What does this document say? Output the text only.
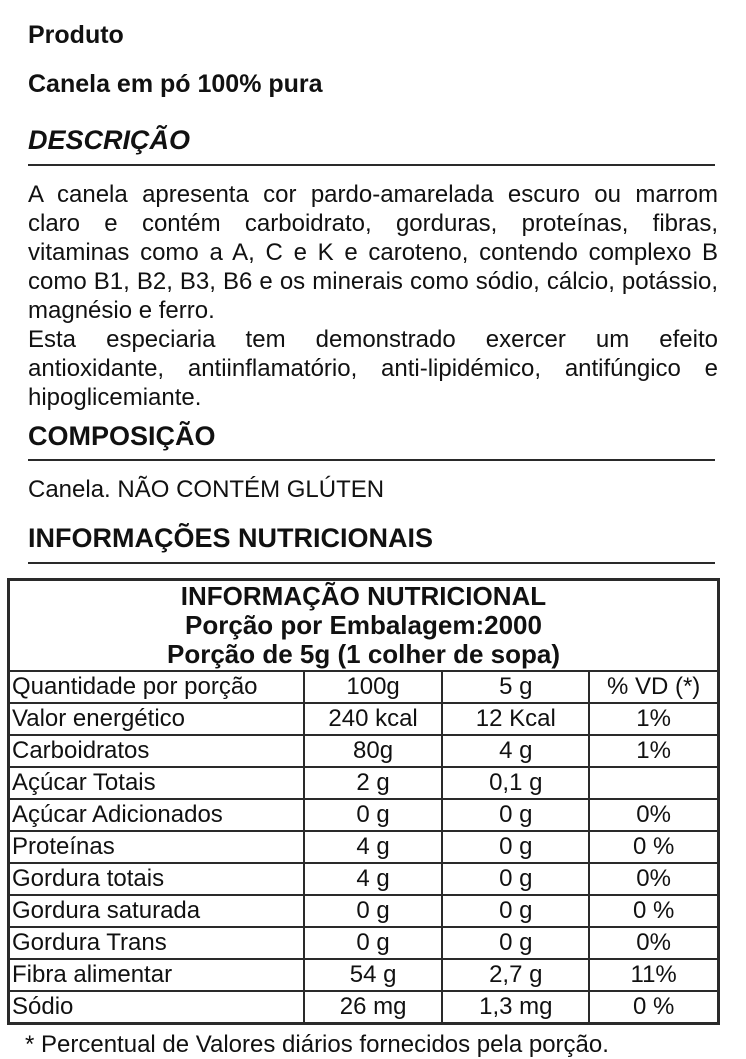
Produto
Canela em pó 100% pura
DESCRIÇÃO

A canela apresenta cor pardo-amarelada escuro ou marrom claro e contém carboidrato, gorduras, proteínas, fibras, vitaminas como a A, C e K e caroteno, contendo complexo B como B1, B2, B3, B6 e os minerais como sódio, cálcio, potássio, magnésio e ferro.

Esta especiaria tem demonstrado exercer um efeito antioxidante, antiinflamatório, anti-lipidémico, antifúngico e hipoglicemiante.

COMPOSIÇÃO
Canela. NÃO CONTÉM GLÚTEN
INFORMAÇÕES NUTRICIONAIS
INFORMAÇÃO NUTRICIONAL
Porção por Embalagem:2000
Porção de 5g (1 colher de sopa)			

Quantidade por porção	100g	5 g	% VD (*)
Valor energético	240 kcal	12 Kcal	1%
Carboidratos	80g	4 g	1%
Açúcar Totais	2 g	0,1 g	
Açúcar Adicionados	0 g	0 g	0%
Proteínas	4 g	0 g	0 %
Gordura totais	4 g	0 g	0%
Gordura saturada	0 g	0 g	0 %
Gordura Trans	0 g	0 g	0%
Fibra alimentar	54 g	2,7 g	11%
Sódio	26 mg	1,3 mg	0 %
* Percentual de Valores diários fornecidos pela porção.
